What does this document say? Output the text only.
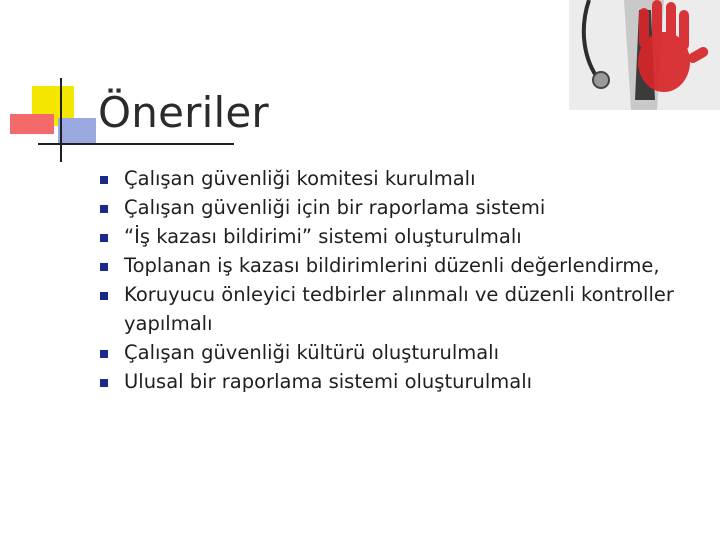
Öneriler
Çalışan güvenliği komitesi kurulmalı
Çalışan güvenliği için bir raporlama sistemi
“İş kazası bildirimi” sistemi oluşturulmalı
Toplanan iş kazası bildirimlerini düzenli değerlendirme,
Koruyucu önleyici tedbirler alınmalı ve düzenli kontroller yapılmalı
Çalışan güvenliği kültürü oluşturulmalı
Ulusal bir raporlama sistemi oluşturulmalı
